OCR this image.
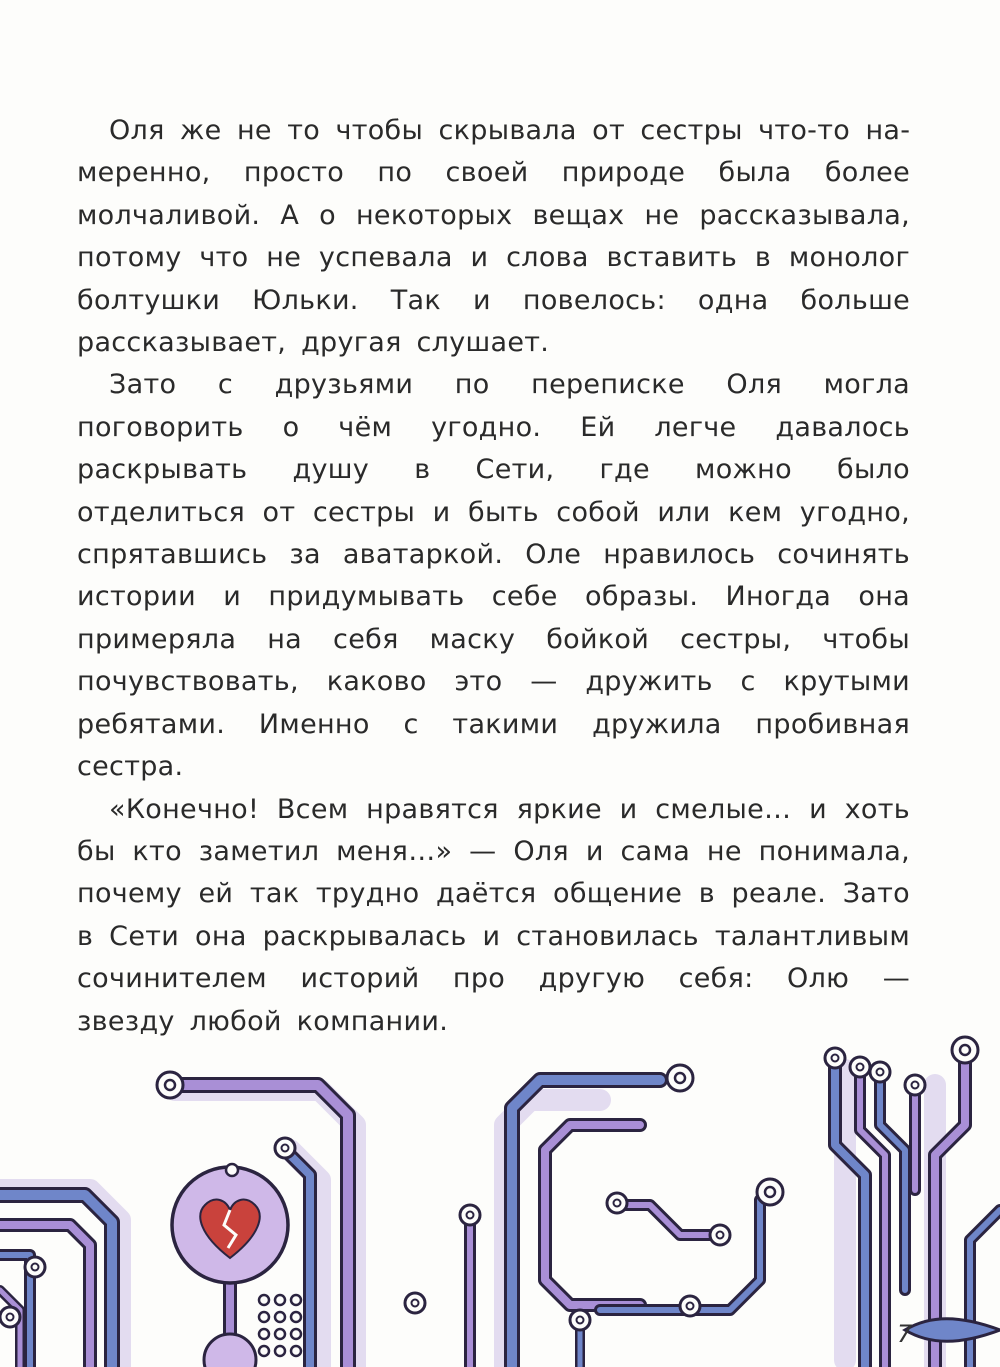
Оля же не то чтобы скрывала от сестры что-то намеренно, просто по своей природе была более молчаливой. А о некоторых вещах не рассказывала, потому что не успевала и слова вставить в монолог болтушки Юльки. Так и повелось: одна больше рассказывает, другая слушает.

Зато с друзьями по переписке Оля могла поговорить о чём угодно. Ей легче давалось раскрывать душу в Сети, где можно было отделиться от сестры и быть собой или кем угодно, спрятавшись за аватаркой. Оле нравилось сочинять истории и придумывать себе образы. Иногда она примеряла на себя маску бойкой сестры, чтобы почувствовать, каково это — дружить с крутыми ребятами. Именно с такими дружила пробивная сестра.

«Конечно! Всем нравятся яркие и смелые… и хоть бы кто заметил меня…» — Оля и сама не понимала, почему ей так трудно даётся общение в реале. Зато в Сети она раскрывалась и становилась талантливым сочинителем историй про другую себя: Олю — звезду любой компании.

7
